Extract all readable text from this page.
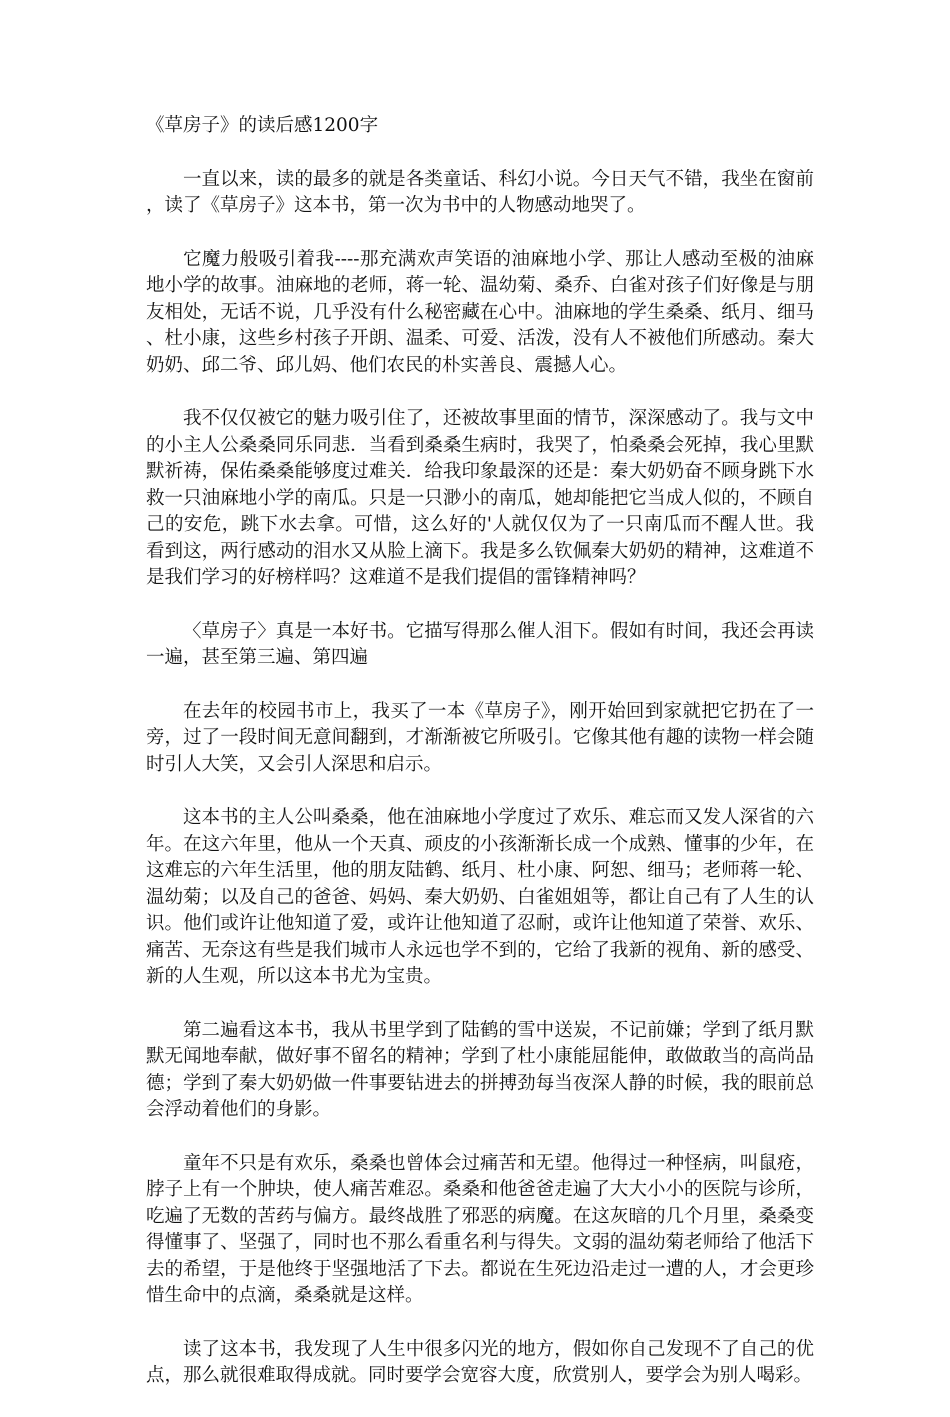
《草房子》的读后感1200字

一直以来，读的最多的就是各类童话、科幻小说。今日天气不错，我坐在窗前，读了《草房子》这本书，第一次为书中的人物感动地哭了。

它魔力般吸引着我----那充满欢声笑语的油麻地小学、那让人感动至极的油麻地小学的故事。油麻地的老师，蒋一轮、温幼菊、桑乔、白雀对孩子们好像是与朋友相处，无话不说，几乎没有什么秘密藏在心中。油麻地的学生桑桑、纸月、细马、杜小康，这些乡村孩子开朗、温柔、可爱、活泼，没有人不被他们所感动。秦大奶奶、邱二爷、邱儿妈、他们农民的朴实善良、震撼人心。

我不仅仅被它的魅力吸引住了，还被故事里面的情节，深深感动了。我与文中的小主人公桑桑同乐同悲．当看到桑桑生病时，我哭了，怕桑桑会死掉，我心里默默祈祷，保佑桑桑能够度过难关．给我印象最深的还是：秦大奶奶奋不顾身跳下水救一只油麻地小学的南瓜。只是一只渺小的南瓜，她却能把它当成人似的，不顾自己的安危，跳下水去拿。可惜，这么好的'人就仅仅为了一只南瓜而不醒人世。我看到这，两行感动的泪水又从脸上滴下。我是多么钦佩秦大奶奶的精神，这难道不是我们学习的好榜样吗？这难道不是我们提倡的雷锋精神吗？

〈草房子〉真是一本好书。它描写得那么催人泪下。假如有时间，我还会再读一遍，甚至第三遍、第四遍

在去年的校园书市上，我买了一本《草房子》，刚开始回到家就把它扔在了一旁，过了一段时间无意间翻到，才渐渐被它所吸引。它像其他有趣的读物一样会随时引人大笑，又会引人深思和启示。

这本书的主人公叫桑桑，他在油麻地小学度过了欢乐、难忘而又发人深省的六年。在这六年里，他从一个天真、顽皮的小孩渐渐长成一个成熟、懂事的少年，在这难忘的六年生活里，他的朋友陆鹤、纸月、杜小康、阿恕、细马；老师蒋一轮、温幼菊；以及自己的爸爸、妈妈、秦大奶奶、白雀姐姐等，都让自己有了人生的认识。他们或许让他知道了爱，或许让他知道了忍耐，或许让他知道了荣誉、欢乐、痛苦、无奈这有些是我们城市人永远也学不到的，它给了我新的视角、新的感受、新的人生观，所以这本书尤为宝贵。

第二遍看这本书，我从书里学到了陆鹤的雪中送炭，不记前嫌；学到了纸月默默无闻地奉献，做好事不留名的精神；学到了杜小康能屈能伸，敢做敢当的高尚品德；学到了秦大奶奶做一件事要钻进去的拼搏劲每当夜深人静的时候，我的眼前总会浮动着他们的身影。

童年不只是有欢乐，桑桑也曾体会过痛苦和无望。他得过一种怪病，叫鼠疮，脖子上有一个肿块，使人痛苦难忍。桑桑和他爸爸走遍了大大小小的医院与诊所，吃遍了无数的苦药与偏方。最终战胜了邪恶的病魔。在这灰暗的几个月里，桑桑变得懂事了、坚强了，同时也不那么看重名利与得失。文弱的温幼菊老师给了他活下去的希望，于是他终于坚强地活了下去。都说在生死边沿走过一遭的人，才会更珍惜生命中的点滴，桑桑就是这样。

读了这本书，我发现了人生中很多闪光的地方，假如你自己发现不了自己的优点，那么就很难取得成就。同时要学会宽容大度，欣赏别人，要学会为别人喝彩。
